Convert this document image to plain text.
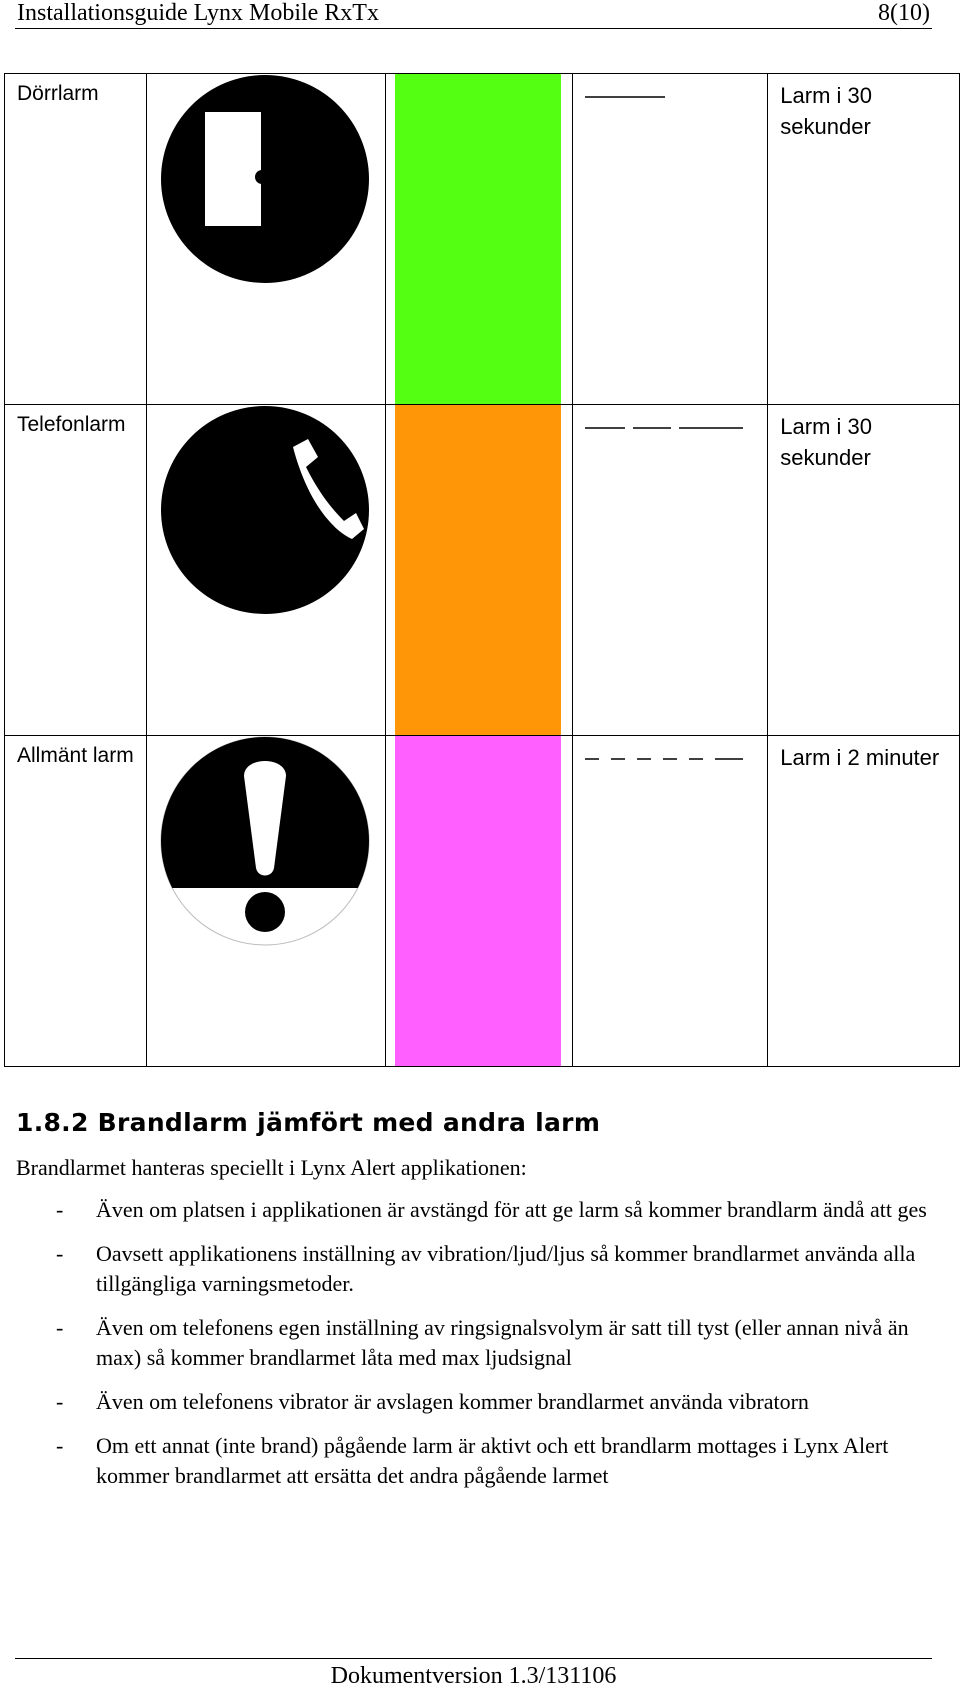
Installationsguide Lynx Mobile RxTx	8(10)
Dörrlarm				Larm i 30 sekunder

Telefonlarm				Larm i 30 sekunder

Allmänt larm				Larm i 2 minuter
1.8.2 Brandlarm jämfört med andra larm
Brandlarmet hanteras speciellt i Lynx Alert applikationen:
- Även om platsen i applikationen är avstängd för att ge larm så kommer brandlarm ändå att ges
- Oavsett applikationens inställning av vibration/ljud/ljus så kommer brandlarmet använda alla tillgängliga varningsmetoder.
- Även om telefonens egen inställning av ringsignalsvolym är satt till tyst (eller annan nivå än max) så kommer brandlarmet låta med max ljudsignal
- Även om telefonens vibrator är avslagen kommer brandlarmet använda vibratorn
- Om ett annat (inte brand) pågående larm är aktivt och ett brandlarm mottages i Lynx Alert kommer brandlarmet att ersätta det andra pågående larmet
Dokumentversion 1.3/131106
